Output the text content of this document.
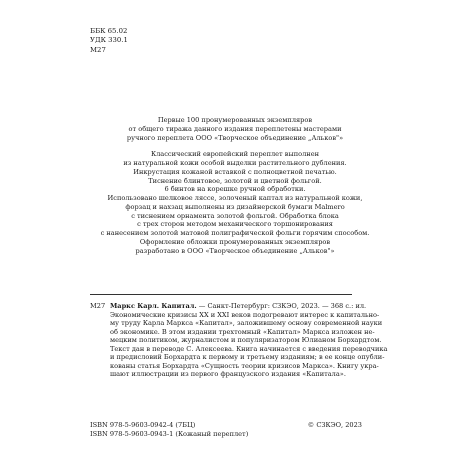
ББК 65.02
УДК 330.1
М27
Первые 100 пронумерованных экземпляров
от общего тиража данного издания переплетены мастерами
ручного переплета ООО «Творческое объединение „Альков"»
Классический европейский переплет выполнен
из натуральной кожи особой выделки растительного дубления.
Инкрустация кожаной вставкой с полноцветной печатью.
Тиснение блинтовое, золотой и цветной фольгой.
6 бинтов на корешке ручной обработки.
Использовано шелковое ляссе, золоченый каптал из натуральной кожи,
форзац и нахзац выполнены из дизайнерской бумаги Malmero
с тиснением орнамента золотой фольгой. Обработка блока
с трех сторон методом механического торшонирования
с нанесением золотой матовой полиграфической фольги горячим способом.
Оформление обложки пронумерованных экземпляров
разработано в ООО «Творческое объединение „Альков"»
М27 Маркс Карл. Капитал. — Санкт-Петербург: СЗКЭО, 2023. — 368 с.: ил.
Экономические кризисы XX и XXI веков подогревают интерес к капитально-
му труду Карла Маркса «Капитал», заложившему основу современной науки
об экономике. В этом издании трехтомный «Капитал» Маркса изложен не-
мецким политиком, журналистом и популяризатором Юлианом Борхардтом.
Текст дан в переводе С. Алексеева. Книга начинается с введения переводчика
и предисловий Борхардта к первому и третьему изданиям; в ее конце опубли-
кованы статья Борхардта «Сущность теории кризисов Маркса». Книгу укра-
шают иллюстрации из первого французского издания «Капитала».
ISBN 978-5-9603-0942-4 (7БЦ)
ISBN 978-5-9603-0943-1 (Кожаный переплет)
© СЗКЭО, 2023
